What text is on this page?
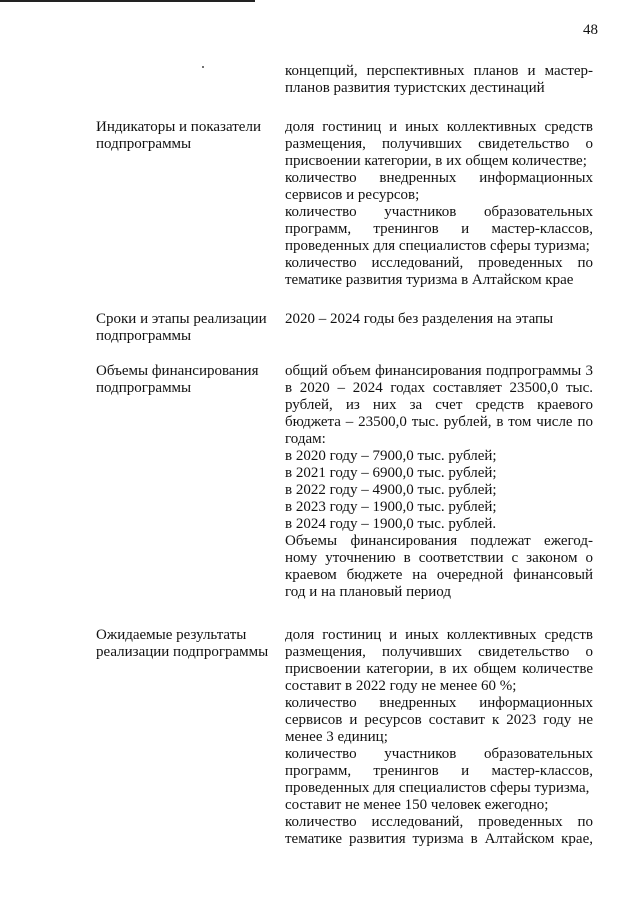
48
концепций, перспективных планов и мастер-
планов развития туристских дестинаций
Индикаторы и показатели
подпрограммы
доля гостиниц и иных коллективных средств
размещения, получивших свидетельство о
присвоении категории, в их общем количестве;
количество внедренных информационных
сервисов и ресурсов;
количество участников образовательных
программ, тренингов и мастер-классов,
проведенных для специалистов сферы туризма;
количество исследований, проведенных по
тематике развития туризма в Алтайском крае
Сроки и этапы реализации
подпрограммы
2020 – 2024 годы без разделения на этапы
Объемы финансирования
подпрограммы
общий объем финансирования подпрограммы 3
в 2020 – 2024 годах составляет 23500,0 тыс.
рублей, из них за счет средств краевого
бюджета – 23500,0 тыс. рублей, в том числе по
годам:
в 2020 году – 7900,0 тыс. рублей;
в 2021 году – 6900,0 тыс. рублей;
в 2022 году – 4900,0 тыс. рублей;
в 2023 году – 1900,0 тыс. рублей;
в 2024 году – 1900,0 тыс. рублей.
Объемы финансирования подлежат ежегод-
ному уточнению в соответствии с законом о
краевом бюджете на очередной финансовый
год и на плановый период
Ожидаемые результаты
реализации подпрограммы
доля гостиниц и иных коллективных средств
размещения, получивших свидетельство о
присвоении категории, в их общем количестве
составит в 2022 году не менее 60 %;
количество внедренных информационных
сервисов и ресурсов составит к 2023 году не
менее 3 единиц;
количество участников образовательных
программ, тренингов и мастер-классов,
проведенных для специалистов сферы туризма,
составит не менее 150 человек ежегодно;
количество исследований, проведенных по
тематике развития туризма в Алтайском крае,
